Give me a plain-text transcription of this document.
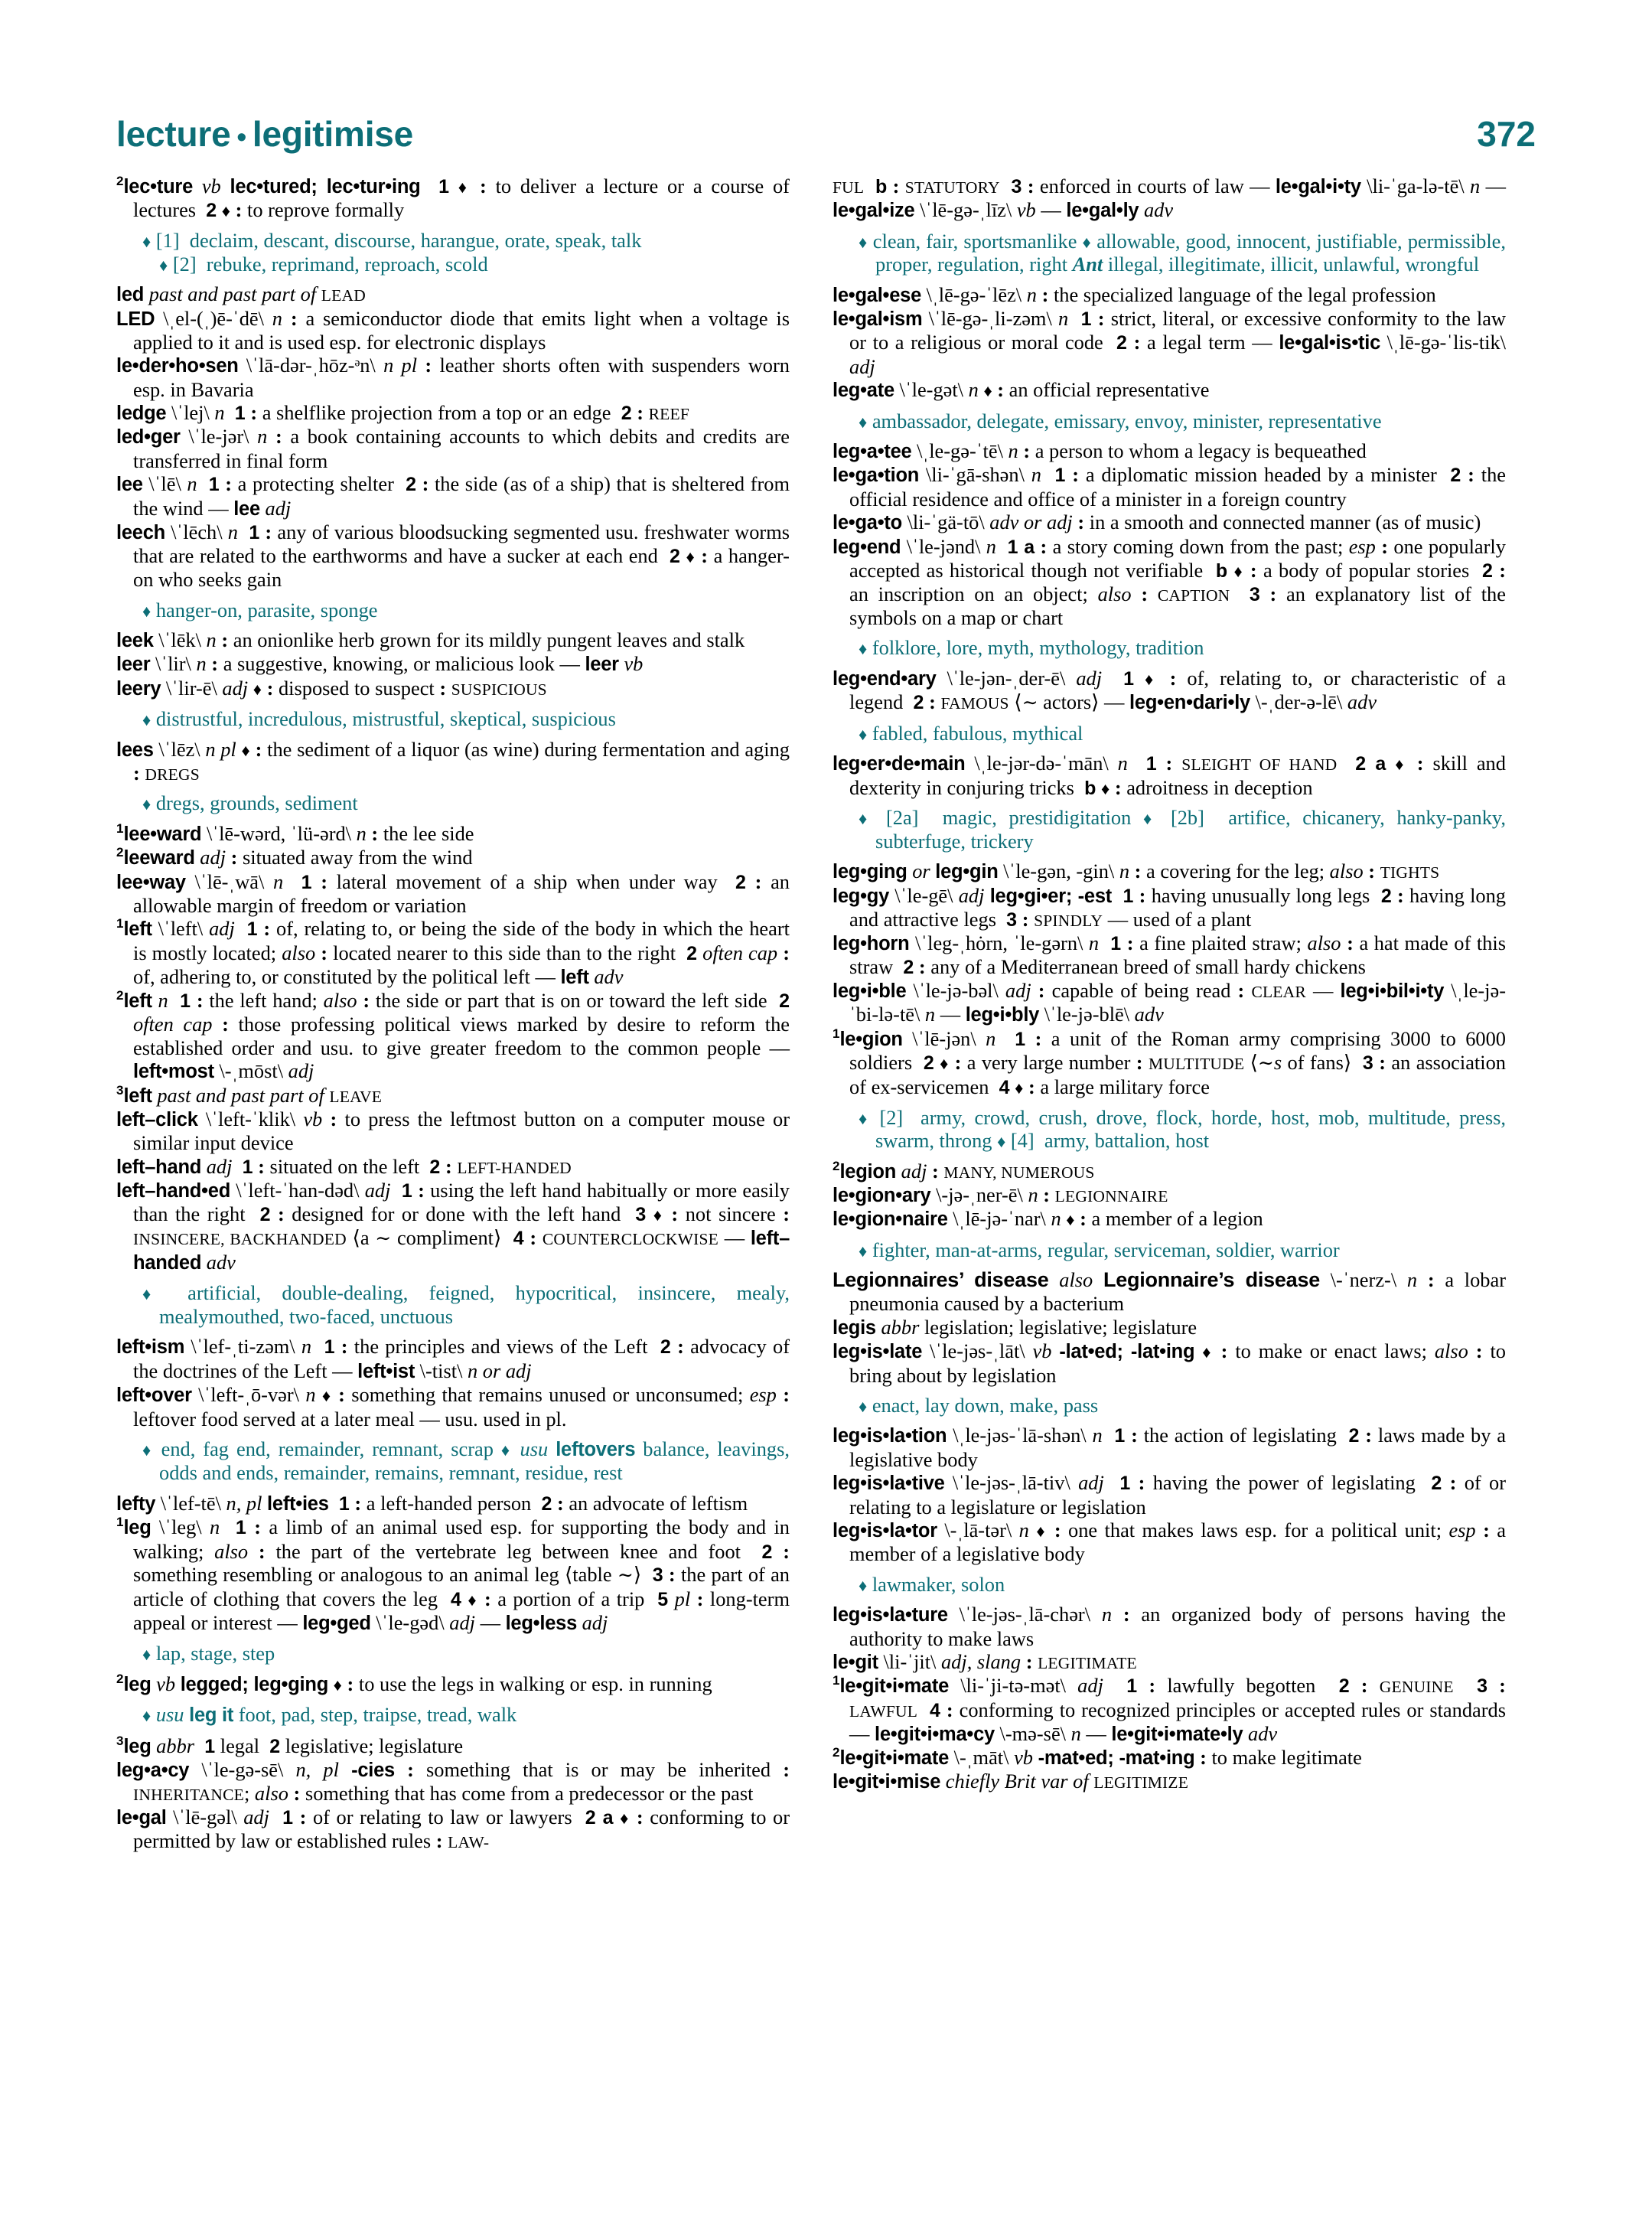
lecture • legitimise	372

$^2$lec•ture vb lec•tured; lec•tur•ing 1 ♦ : to deliver a lecture or a course of lectures  2 ♦ : to reprove formally

♦ [1]  declaim, descant, discourse, harangue, orate, speak, talk
♦ [2]  rebuke, reprimand, reproach, scold

led past and past part of LEAD

LED \ˌel-(ˌ)ē-ˈdē\ n : a semiconductor diode that emits light when a voltage is applied to it and is used esp. for electronic displays

le•der•ho•sen \ˈlā-dər-ˌhōz-ᵊn\ n pl : leather shorts often with suspenders worn esp. in Bavaria

ledge \ˈlej\ n 1 : a shelflike projection from a top or an edge  2 : REEF

led•ger \ˈle-jər\ n : a book containing accounts to which debits and credits are transferred in final form

lee \ˈlē\ n 1 : a protecting shelter  2 : the side (as of a ship) that is sheltered from the wind — lee adj

leech \ˈlēch\ n 1 : any of various bloodsucking segmented usu. freshwater worms that are related to the earthworms and have a sucker at each end  2 ♦ : a hanger-on who seeks gain

♦ hanger-on, parasite, sponge

leek \ˈlēk\ n : an onionlike herb grown for its mildly pungent leaves and stalk

leer \ˈlir\ n : a suggestive, knowing, or malicious look — leer vb

leery \ˈlir-ē\ adj ♦ : disposed to suspect : SUSPICIOUS

♦ distrustful, incredulous, mistrustful, skeptical, suspicious

lees \ˈlēz\ n pl ♦ : the sediment of a liquor (as wine) during fermentation and aging : DREGS

♦ dregs, grounds, sediment

$^1$lee•ward \ˈlē-wərd, ˈlü-ərd\ n : the lee side

$^2$leeward adj : situated away from the wind

lee•way \ˈlē-ˌwā\ n 1 : lateral movement of a ship when under way  2 : an allowable margin of freedom or variation

$^1$left \ˈleft\ adj 1 : of, relating to, or being the side of the body in which the heart is mostly located; also : located nearer to this side than to the right  2 often cap : of, adhering to, or constituted by the political left — left adv

$^2$left n 1 : the left hand; also : the side or part that is on or toward the left side  2 often cap : those professing political views marked by desire to reform the established order and usu. to give greater freedom to the common people — left•most \-ˌmōst\ adj

$^3$left past and past part of LEAVE

left–click \ˈleft-ˈklik\ vb : to press the leftmost button on a computer mouse or similar input device

left–hand adj 1 : situated on the left  2 : LEFT-HANDED

left–hand•ed \ˈleft-ˈhan-dəd\ adj 1 : using the left hand habitually or more easily than the right  2 : designed for or done with the left hand  3 ♦ : not sincere : INSINCERE, BACKHANDED ⟨a ∼ compliment⟩  4 : COUNTERCLOCKWISE — left–handed adv

♦ artificial, double-dealing, feigned, hypocritical, insincere, mealy, mealymouthed, two-faced, unctuous

left•ism \ˈlef-ˌti-zəm\ n 1 : the principles and views of the Left  2 : advocacy of the doctrines of the Left — left•ist \-tist\ n or adj

left•over \ˈleft-ˌō-vər\ n ♦ : something that remains unused or unconsumed; esp : leftover food served at a later meal — usu. used in pl.

♦ end, fag end, remainder, remnant, scrap ♦ usu leftovers balance, leavings, odds and ends, remainder, remains, remnant, residue, rest

lefty \ˈlef-tē\ n, pl left•ies 1 : a left-handed person  2 : an advocate of leftism

$^1$leg \ˈleg\ n 1 : a limb of an animal used esp. for supporting the body and in walking; also : the part of the vertebrate leg between knee and foot  2 : something resembling or analogous to an animal leg ⟨table ∼⟩  3 : the part of an article of clothing that covers the leg  4 ♦ : a portion of a trip  5 pl : long-term appeal or interest — leg•ged \ˈle-gəd\ adj — leg•less adj

♦ lap, stage, step

$^2$leg vb legged; leg•ging ♦ : to use the legs in walking or esp. in running

♦ usu leg it foot, pad, step, traipse, tread, walk

$^3$leg abbr 1 legal  2 legislative; legislature

leg•a•cy \ˈle-gə-sē\ n, pl -cies : something that is or may be inherited : INHERITANCE; also : something that has come from a predecessor or the past

le•gal \ˈlē-gəl\ adj 1 : of or relating to law or lawyers  2 a ♦ : conforming to or permitted by law or established rules : LAW-

FUL b : STATUTORY 3 : enforced in courts of law — le•gal•i•ty \li-ˈga-lə-tē\ n — le•gal•ize \ˈlē-gə-ˌlīz\ vb — le•gal•ly adv

♦ clean, fair, sportsmanlike ♦ allowable, good, innocent, justifiable, permissible, proper, regulation, right Ant illegal, illegitimate, illicit, unlawful, wrongful

le•gal•ese \ˌlē-gə-ˈlēz\ n : the specialized language of the legal profession

le•gal•ism \ˈlē-gə-ˌli-zəm\ n 1 : strict, literal, or excessive conformity to the law or to a religious or moral code  2 : a legal term — le•gal•is•tic \ˌlē-gə-ˈlis-tik\ adj

leg•ate \ˈle-gət\ n ♦ : an official representative

♦ ambassador, delegate, emissary, envoy, minister, representative

leg•a•tee \ˌle-gə-ˈtē\ n : a person to whom a legacy is bequeathed

le•ga•tion \li-ˈgā-shən\ n 1 : a diplomatic mission headed by a minister  2 : the official residence and office of a minister in a foreign country

le•ga•to \li-ˈgä-tō\ adv or adj : in a smooth and connected manner (as of music)

leg•end \ˈle-jənd\ n 1 a : a story coming down from the past; esp : one popularly accepted as historical though not verifiable  b ♦ : a body of popular stories  2 : an inscription on an object; also : CAPTION 3 : an explanatory list of the symbols on a map or chart

♦ folklore, lore, myth, mythology, tradition

leg•end•ary \ˈle-jən-ˌder-ē\ adj 1 ♦ : of, relating to, or characteristic of a legend  2 : FAMOUS ⟨∼ actors⟩ — leg•en•dari•ly \-ˌder-ə-lē\ adv

♦ fabled, fabulous, mythical

leg•er•de•main \ˌle-jər-də-ˈmān\ n 1 : SLEIGHT OF HAND 2 a ♦ : skill and dexterity in conjuring tricks  b ♦ : adroitness in deception

♦ [2a]  magic, prestidigitation ♦ [2b]  artifice, chicanery, hanky-panky, subterfuge, trickery

leg•ging or leg•gin \ˈle-gən, -gin\ n : a covering for the leg; also : TIGHTS

leg•gy \ˈle-gē\ adj leg•gi•er; -est 1 : having unusually long legs  2 : having long and attractive legs  3 : SPINDLY — used of a plant

leg•horn \ˈleg-ˌhȯrn, ˈle-gərn\ n 1 : a fine plaited straw; also : a hat made of this straw  2 : any of a Mediterranean breed of small hardy chickens

leg•i•ble \ˈle-jə-bəl\ adj : capable of being read : CLEAR — leg•i•bil•i•ty \ˌle-jə-ˈbi-lə-tē\ n — leg•i•bly \ˈle-jə-blē\ adv

$^1$le•gion \ˈlē-jən\ n 1 : a unit of the Roman army comprising 3000 to 6000 soldiers  2 ♦ : a very large number : MULTITUDE ⟨∼s of fans⟩  3 : an association of ex-servicemen  4 ♦ : a large military force

♦ [2]  army, crowd, crush, drove, flock, horde, host, mob, multitude, press, swarm, throng ♦ [4]  army, battalion, host

$^2$legion adj : MANY, NUMEROUS

le•gion•ary \-jə-ˌner-ē\ n : LEGIONNAIRE

le•gion•naire \ˌlē-jə-ˈnar\ n ♦ : a member of a legion

♦ fighter, man-at-arms, regular, serviceman, soldier, warrior

Legionnaires’ disease also Legionnaire’s disease \-ˈnerz-\ n : a lobar pneumonia caused by a bacterium

legis abbr legislation; legislative; legislature

leg•is•late \ˈle-jəs-ˌlāt\ vb -lat•ed; -lat•ing ♦ : to make or enact laws; also : to bring about by legislation

♦ enact, lay down, make, pass

leg•is•la•tion \ˌle-jəs-ˈlā-shən\ n 1 : the action of legislating  2 : laws made by a legislative body

leg•is•la•tive \ˈle-jəs-ˌlā-tiv\ adj 1 : having the power of legislating  2 : of or relating to a legislature or legislation

leg•is•la•tor \-ˌlā-tər\ n ♦ : one that makes laws esp. for a political unit; esp : a member of a legislative body

♦ lawmaker, solon

leg•is•la•ture \ˈle-jəs-ˌlā-chər\ n : an organized body of persons having the authority to make laws

le•git \li-ˈjit\ adj, slang : LEGITIMATE

$^1$le•git•i•mate \li-ˈji-tə-mət\ adj 1 : lawfully begotten  2 : GENUINE 3 : LAWFUL 4 : conforming to recognized principles or accepted rules or standards — le•git•i•ma•cy \-mə-sē\ n — le•git•i•mate•ly adv

$^2$le•git•i•mate \-ˌmāt\ vb -mat•ed; -mat•ing : to make legitimate

le•git•i•mise chiefly Brit var of LEGITIMIZE
